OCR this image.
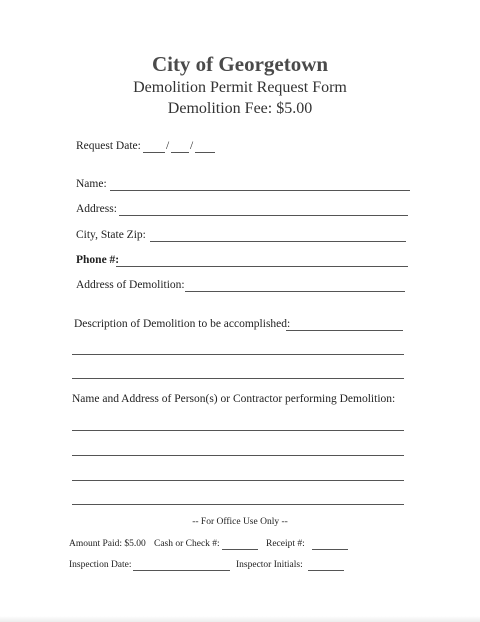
City of Georgetown
Demolition Permit Request Form
Demolition Fee: $5.00
Request Date: / /
Name:
Address:
City, State Zip:
Phone #:
Address of Demolition:
Description of Demolition to be accomplished:
Name and Address of Person(s) or Contractor performing Demolition:
-- For Office Use Only --
Amount Paid: $5.00 Cash or Check #:	Receipt #:
Inspection Date:	Inspector Initials:
